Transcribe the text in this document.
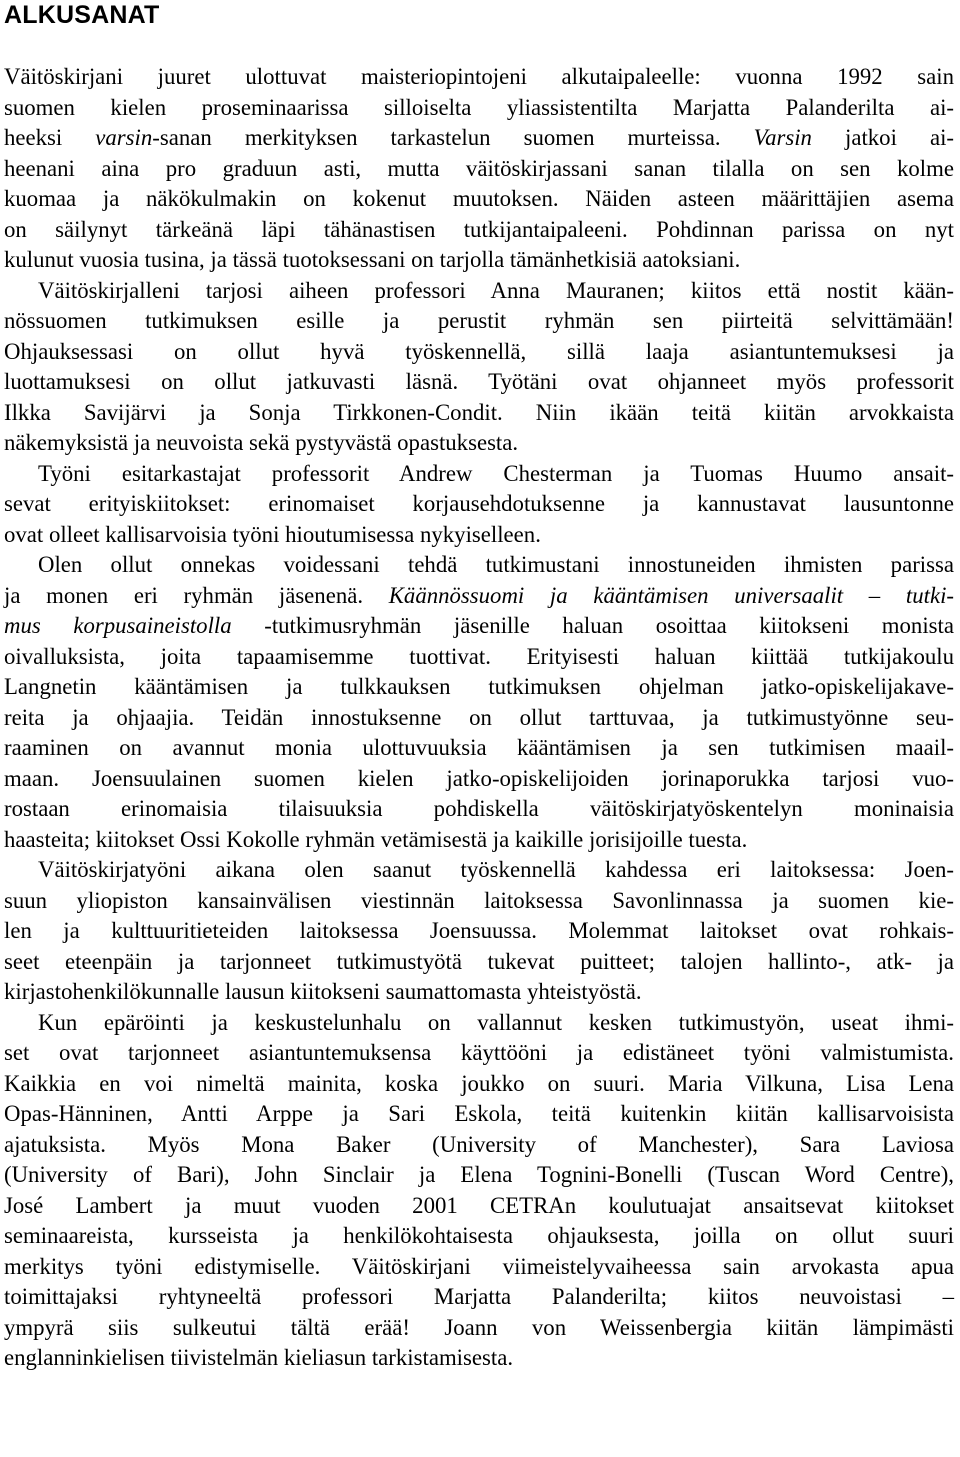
ALKUSANAT

Väitöskirjani juuret ulottuvat maisteriopintojeni alkutaipaleelle: vuonna 1992 sain
suomen kielen proseminaarissa silloiselta yliassistentilta Marjatta Palanderilta ai-
heeksi varsin-sanan merkityksen tarkastelun suomen murteissa. Varsin jatkoi ai-
heenani aina pro graduun asti, mutta väitöskirjassani sanan tilalla on sen kolme
kuomaa ja näkökulmakin on kokenut muutoksen. Näiden asteen määrittäjien asema
on säilynyt tärkeänä läpi tähänastisen tutkijantaipaleeni. Pohdinnan parissa on nyt
kulunut vuosia tusina, ja tässä tuotoksessani on tarjolla tämänhetkisiä aatoksiani.

Väitöskirjalleni tarjosi aiheen professori Anna Mauranen; kiitos että nostit kään-
nössuomen tutkimuksen esille ja perustit ryhmän sen piirteitä selvittämään!
Ohjauksessasi on ollut hyvä työskennellä, sillä laaja asiantuntemuksesi ja
luottamuksesi on ollut jatkuvasti läsnä. Työtäni ovat ohjanneet myös professorit
Ilkka Savijärvi ja Sonja Tirkkonen-Condit. Niin ikään teitä kiitän arvokkaista
näkemyksistä ja neuvoista sekä pystyvästä opastuksesta.

Työni esitarkastajat professorit Andrew Chesterman ja Tuomas Huumo ansait-
sevat erityiskiitokset: erinomaiset korjausehdotuksenne ja kannustavat lausuntonne
ovat olleet kallisarvoisia työni hioutumisessa nykyiselleen.

Olen ollut onnekas voidessani tehdä tutkimustani innostuneiden ihmisten parissa
ja monen eri ryhmän jäsenenä. Käännössuomi ja kääntämisen universaalit – tutki-
mus korpusaineistolla -tutkimusryhmän jäsenille haluan osoittaa kiitokseni monista
oivalluksista, joita tapaamisemme tuottivat. Erityisesti haluan kiittää tutkijakoulu
Langnetin kääntämisen ja tulkkauksen tutkimuksen ohjelman jatko-opiskelijakave-
reita ja ohjaajia. Teidän innostuksenne on ollut tarttuvaa, ja tutkimustyönne seu-
raaminen on avannut monia ulottuvuuksia kääntämisen ja sen tutkimisen maail-
maan. Joensuulainen suomen kielen jatko-opiskelijoiden jorinaporukka tarjosi vuo-
rostaan erinomaisia tilaisuuksia pohdiskella väitöskirjatyöskentelyn moninaisia
haasteita; kiitokset Ossi Kokolle ryhmän vetämisestä ja kaikille jorisijoille tuesta.

Väitöskirjatyöni aikana olen saanut työskennellä kahdessa eri laitoksessa: Joen-
suun yliopiston kansainvälisen viestinnän laitoksessa Savonlinnassa ja suomen kie-
len ja kulttuuritieteiden laitoksessa Joensuussa. Molemmat laitokset ovat rohkais-
seet eteenpäin ja tarjonneet tutkimustyötä tukevat puitteet; talojen hallinto-, atk- ja
kirjastohenkilökunnalle lausun kiitokseni saumattomasta yhteistyöstä.

Kun epäröinti ja keskustelunhalu on vallannut kesken tutkimustyön, useat ihmi-
set ovat tarjonneet asiantuntemuksensa käyttööni ja edistäneet työni valmistumista.
Kaikkia en voi nimeltä mainita, koska joukko on suuri. Maria Vilkuna, Lisa Lena
Opas-Hänninen, Antti Arppe ja Sari Eskola, teitä kuitenkin kiitän kallisarvoisista
ajatuksista. Myös Mona Baker (University of Manchester), Sara Laviosa
(University of Bari), John Sinclair ja Elena Tognini-Bonelli (Tuscan Word Centre),
José Lambert ja muut vuoden 2001 CETRAn koulutuajat ansaitsevat kiitokset
seminaareista, kursseista ja henkilökohtaisesta ohjauksesta, joilla on ollut suuri
merkitys työni edistymiselle. Väitöskirjani viimeistelyvaiheessa sain arvokasta apua
toimittajaksi ryhtyneeltä professori Marjatta Palanderilta; kiitos neuvoistasi –
ympyrä siis sulkeutui tältä erää! Joann von Weissenbergia kiitän lämpimästi
englanninkielisen tiivistelmän kieliasun tarkistamisesta.
